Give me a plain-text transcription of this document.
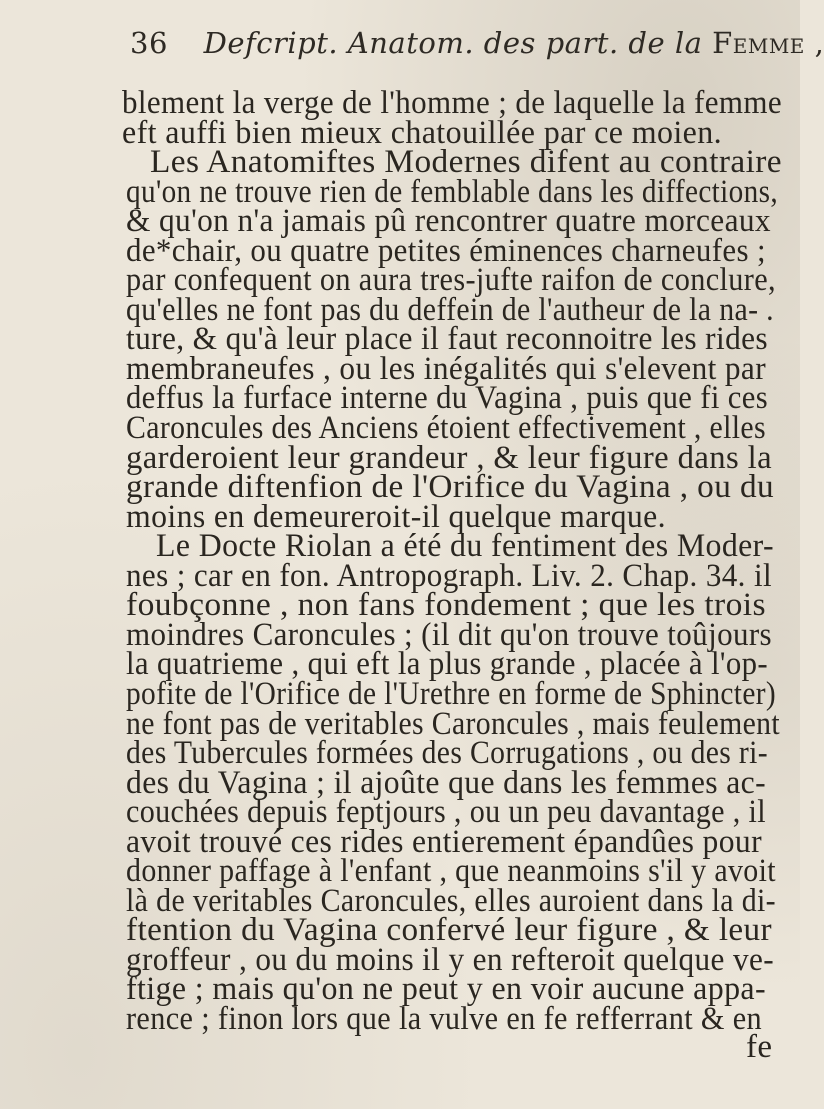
36 Defcript. Anatom. des part. de la Femme ,
blement la verge de l'homme ; de laquelle la femme
eft auffi bien mieux chatouillée par ce moien.
Les Anatomiftes Modernes difent au contraire
qu'on ne trouve rien de femblable dans les diffections,
& qu'on n'a jamais pû rencontrer quatre morceaux
de*chair, ou quatre petites éminences charneufes ;
par confequent on aura tres-jufte raifon de conclure,
qu'elles ne font pas du deffein de l'autheur de la na- .
ture, & qu'à leur place il faut reconnoitre les rides
membraneufes , ou les inégalités qui s'elevent par
deffus la furface interne du Vagina , puis que fi ces
Caroncules des Anciens étoient effectivement , elles
garderoient leur grandeur , & leur figure dans la
grande diftenfion de l'Orifice du Vagina , ou du
moins en demeureroit-il quelque marque.
Le Docte Riolan a été du fentiment des Moder-
nes ; car en fon. Antropograph. Liv. 2. Chap. 34. il
foubçonne , non fans fondement ; que les trois
moindres Caroncules ; (il dit qu'on trouve toûjours
la quatrieme , qui eft la plus grande , placée à l'op-
pofite de l'Orifice de l'Urethre en forme de Sphincter)
ne font pas de veritables Caroncules , mais feulement
des Tubercules formées des Corrugations , ou des ri-
des du Vagina ; il ajoûte que dans les femmes ac-
couchées depuis feptjours , ou un peu davantage , il
avoit trouvé ces rides entierement épandûes pour
donner paffage à l'enfant , que neanmoins s'il y avoit
là de veritables Caroncules, elles auroient dans la di-
ftention du Vagina confervé leur figure , & leur
groffeur , ou du moins il y en refteroit quelque ve-
ftige ; mais qu'on ne peut y en voir aucune appa-
rence ; finon lors que la vulve en fe refferrant & en
fe
